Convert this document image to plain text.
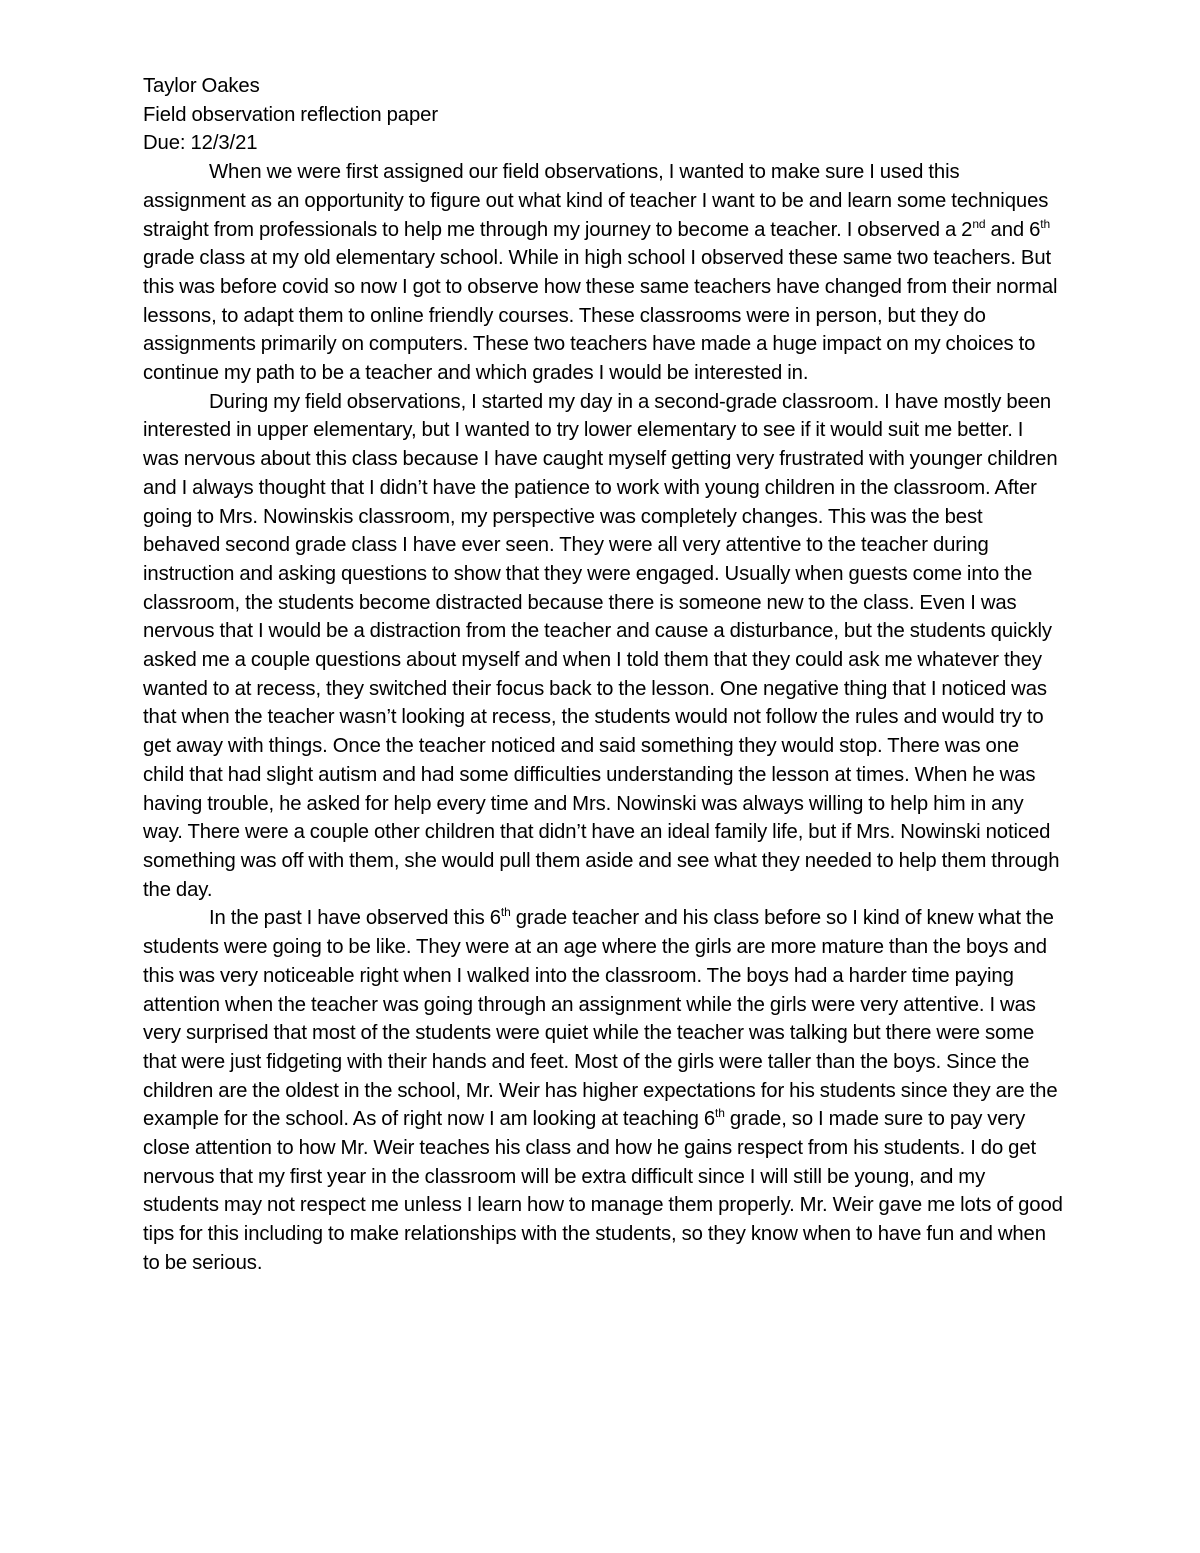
Taylor Oakes

Field observation reflection paper

Due: 12/3/21

When we were first assigned our field observations, I wanted to make sure I used this assignment as an opportunity to figure out what kind of teacher I want to be and learn some techniques straight from professionals to help me through my journey to become a teacher. I observed a 2nd and 6th grade class at my old elementary school. While in high school I observed these same two teachers. But this was before covid so now I got to observe how these same teachers have changed from their normal lessons, to adapt them to online friendly courses. These classrooms were in person, but they do assignments primarily on computers. These two teachers have made a huge impact on my choices to continue my path to be a teacher and which grades I would be interested in.

During my field observations, I started my day in a second-grade classroom. I have mostly been interested in upper elementary, but I wanted to try lower elementary to see if it would suit me better. I was nervous about this class because I have caught myself getting very frustrated with younger children and I always thought that I didn’t have the patience to work with young children in the classroom. After going to Mrs. Nowinskis classroom, my perspective was completely changes. This was the best behaved second grade class I have ever seen. They were all very attentive to the teacher during instruction and asking questions to show that they were engaged. Usually when guests come into the classroom, the students become distracted because there is someone new to the class. Even I was nervous that I would be a distraction from the teacher and cause a disturbance, but the students quickly asked me a couple questions about myself and when I told them that they could ask me whatever they wanted to at recess, they switched their focus back to the lesson. One negative thing that I noticed was that when the teacher wasn’t looking at recess, the students would not follow the rules and would try to get away with things. Once the teacher noticed and said something they would stop. There was one child that had slight autism and had some difficulties understanding the lesson at times. When he was having trouble, he asked for help every time and Mrs. Nowinski was always willing to help him in any way. There were a couple other children that didn’t have an ideal family life, but if Mrs. Nowinski noticed something was off with them, she would pull them aside and see what they needed to help them through the day.

In the past I have observed this 6th grade teacher and his class before so I kind of knew what the students were going to be like. They were at an age where the girls are more mature than the boys and this was very noticeable right when I walked into the classroom. The boys had a harder time paying attention when the teacher was going through an assignment while the girls were very attentive. I was very surprised that most of the students were quiet while the teacher was talking but there were some that were just fidgeting with their hands and feet. Most of the girls were taller than the boys. Since the children are the oldest in the school, Mr. Weir has higher expectations for his students since they are the example for the school. As of right now I am looking at teaching 6th grade, so I made sure to pay very close attention to how Mr. Weir teaches his class and how he gains respect from his students. I do get nervous that my first year in the classroom will be extra difficult since I will still be young, and my students may not respect me unless I learn how to manage them properly. Mr. Weir gave me lots of good tips for this including to make relationships with the students, so they know when to have fun and when to be serious.
